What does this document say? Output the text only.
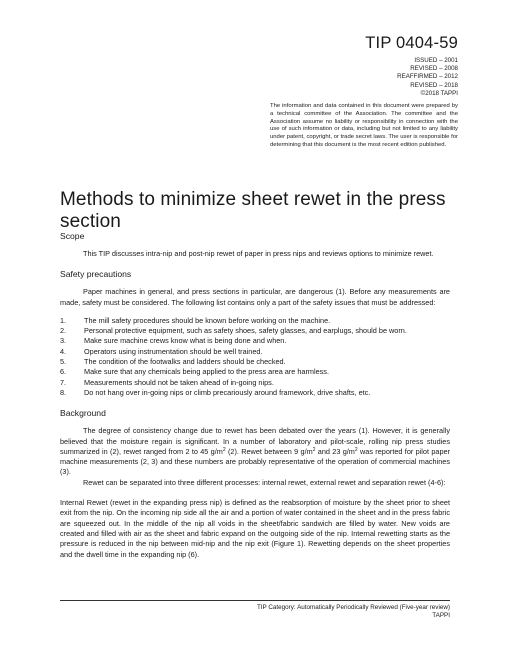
TIP 0404-59
ISSUED – 2001
REVISED – 2008
REAFFIRMED – 2012
REVISED – 2018
©2018 TAPPI
The information and data contained in this document were prepared by a technical committee of the Association. The committee and the Association assume no liability or responsibility in connection with the use of such information or data, including but not limited to any liability under patent, copyright, or trade secret laws. The user is responsible for determining that this document is the most recent edition published.
Methods to minimize sheet rewet in the press section
Scope

This TIP discusses intra-nip and post-nip rewet of paper in press nips and reviews options to minimize rewet.

Safety precautions

Paper machines in general, and press sections in particular, are dangerous (1). Before any measurements are made, safety must be considered. The following list contains only a part of the safety issues that must be addressed:

1.	The mill safety procedures should be known before working on the machine.
2.	Personal protective equipment, such as safety shoes, safety glasses, and earplugs, should be worn.
3.	Make sure machine crews know what is being done and when.
4.	Operators using instrumentation should be well trained.
5.	The condition of the footwalks and ladders should be checked.
6.	Make sure that any chemicals being applied to the press area are harmless.
7.	Measurements should not be taken ahead of in-going nips.
8.	Do not hang over in-going nips or climb precariously around framework, drive shafts, etc.
Background

The degree of consistency change due to rewet has been debated over the years (1). However, it is generally believed that the moisture regain is significant. In a number of laboratory and pilot-scale, rolling nip press studies summarized in (2), rewet ranged from 2 to 45 $g/m^2$ (2). Rewet between 9 $g/m^2$ and 23 $g/m^2$ was reported for pilot paper machine measurements (2, 3) and these numbers are probably representative of the operation of commercial machines (3).

Rewet can be separated into three different processes: internal rewet, external rewet and separation rewet (4-6):

Internal Rewet (rewet in the expanding press nip) is defined as the reabsorption of moisture by the sheet prior to sheet exit from the nip. On the incoming nip side all the air and a portion of water contained in the sheet and in the press fabric are squeezed out. In the middle of the nip all voids in the sheet/fabric sandwich are filled by water. New voids are created and filled with air as the sheet and fabric expand on the outgoing side of the nip. Internal rewetting starts as the pressure is reduced in the nip between mid-nip and the nip exit (Figure 1). Rewetting depends on the sheet properties and the dwell time in the expanding nip (6).

TIP Category: Automatically Periodically Reviewed (Five-year review)
TAPPI
